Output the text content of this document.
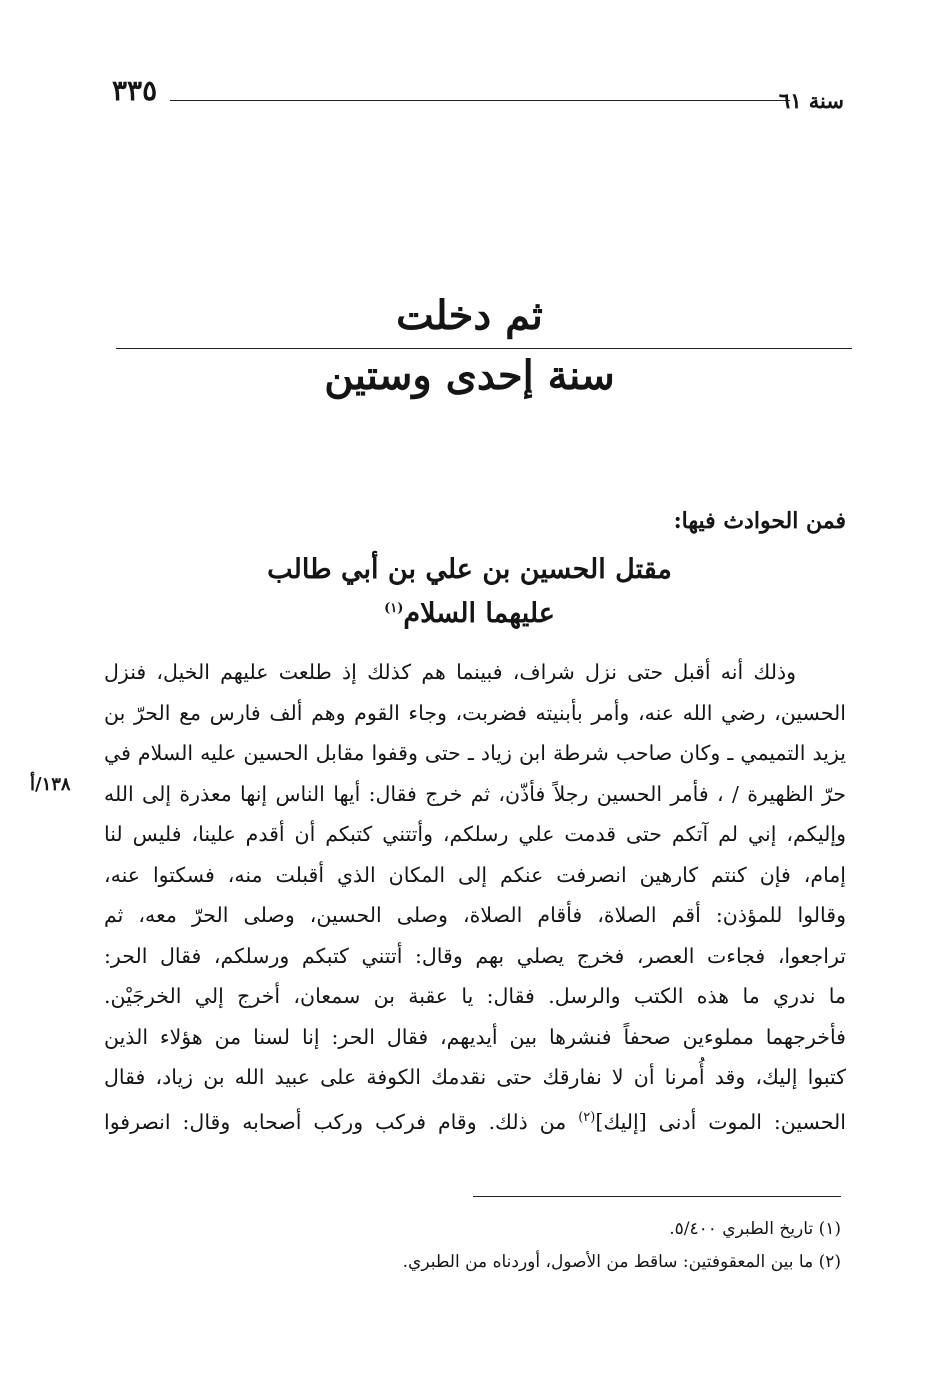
٣٣٥	سنة ٦١
ثم دخلت
سنة إحدى وستين
فمن الحوادث فيها:
مقتل الحسين بن علي بن أبي طالب
عليهما السلام$^{(١)}$
وذلك أنه أقبل حتى نزل شراف، فبينما هم كذلك إذ طلعت عليهم الخيل، فنزل
الحسين، رضي الله عنه، وأمر بأبنيته فضربت، وجاء القوم وهم ألف فارس مع الحرّ بن
يزيد التميمي ـ وكان صاحب شرطة ابن زياد ـ حتى وقفوا مقابل الحسين عليه السلام في
حرّ الظهيرة / ، فأمر الحسين رجلاً فأذّن، ثم خرج فقال: أيها الناس إنها معذرة إلى الله
وإليكم، إني لم آتكم حتى قدمت علي رسلكم، وأتتني كتبكم أن أقدم علينا، فليس لنا
إمام، فإن كنتم كارهين انصرفت عنكم إلى المكان الذي أقبلت منه، فسكتوا عنه،
وقالوا للمؤذن: أقم الصلاة، فأقام الصلاة، وصلى الحسين، وصلى الحرّ معه، ثم
تراجعوا، فجاءت العصر، فخرج يصلي بهم وقال: أتتني كتبكم ورسلكم، فقال الحر:
ما ندري ما هذه الكتب والرسل. فقال: يا عقبة بن سمعان، أخرج إلي الخرجَيْن.
فأخرجهما مملوءين صحفاً فنشرها بين أيديهم، فقال الحر: إنا لسنا من هؤلاء الذين
كتبوا إليك، وقد أُمرنا أن لا نفارقك حتى نقدمك الكوفة على عبيد الله بن زياد، فقال
الحسين: الموت أدنى [إليك]$^{(٢)}$ من ذلك. وقام فركب وركب أصحابه وقال: انصرفوا
١٣٨/أ
(١) تاريخ الطبري ٥/٤٠٠.
(٢) ما بين المعقوفتين: ساقط من الأصول، أوردناه من الطبري.
